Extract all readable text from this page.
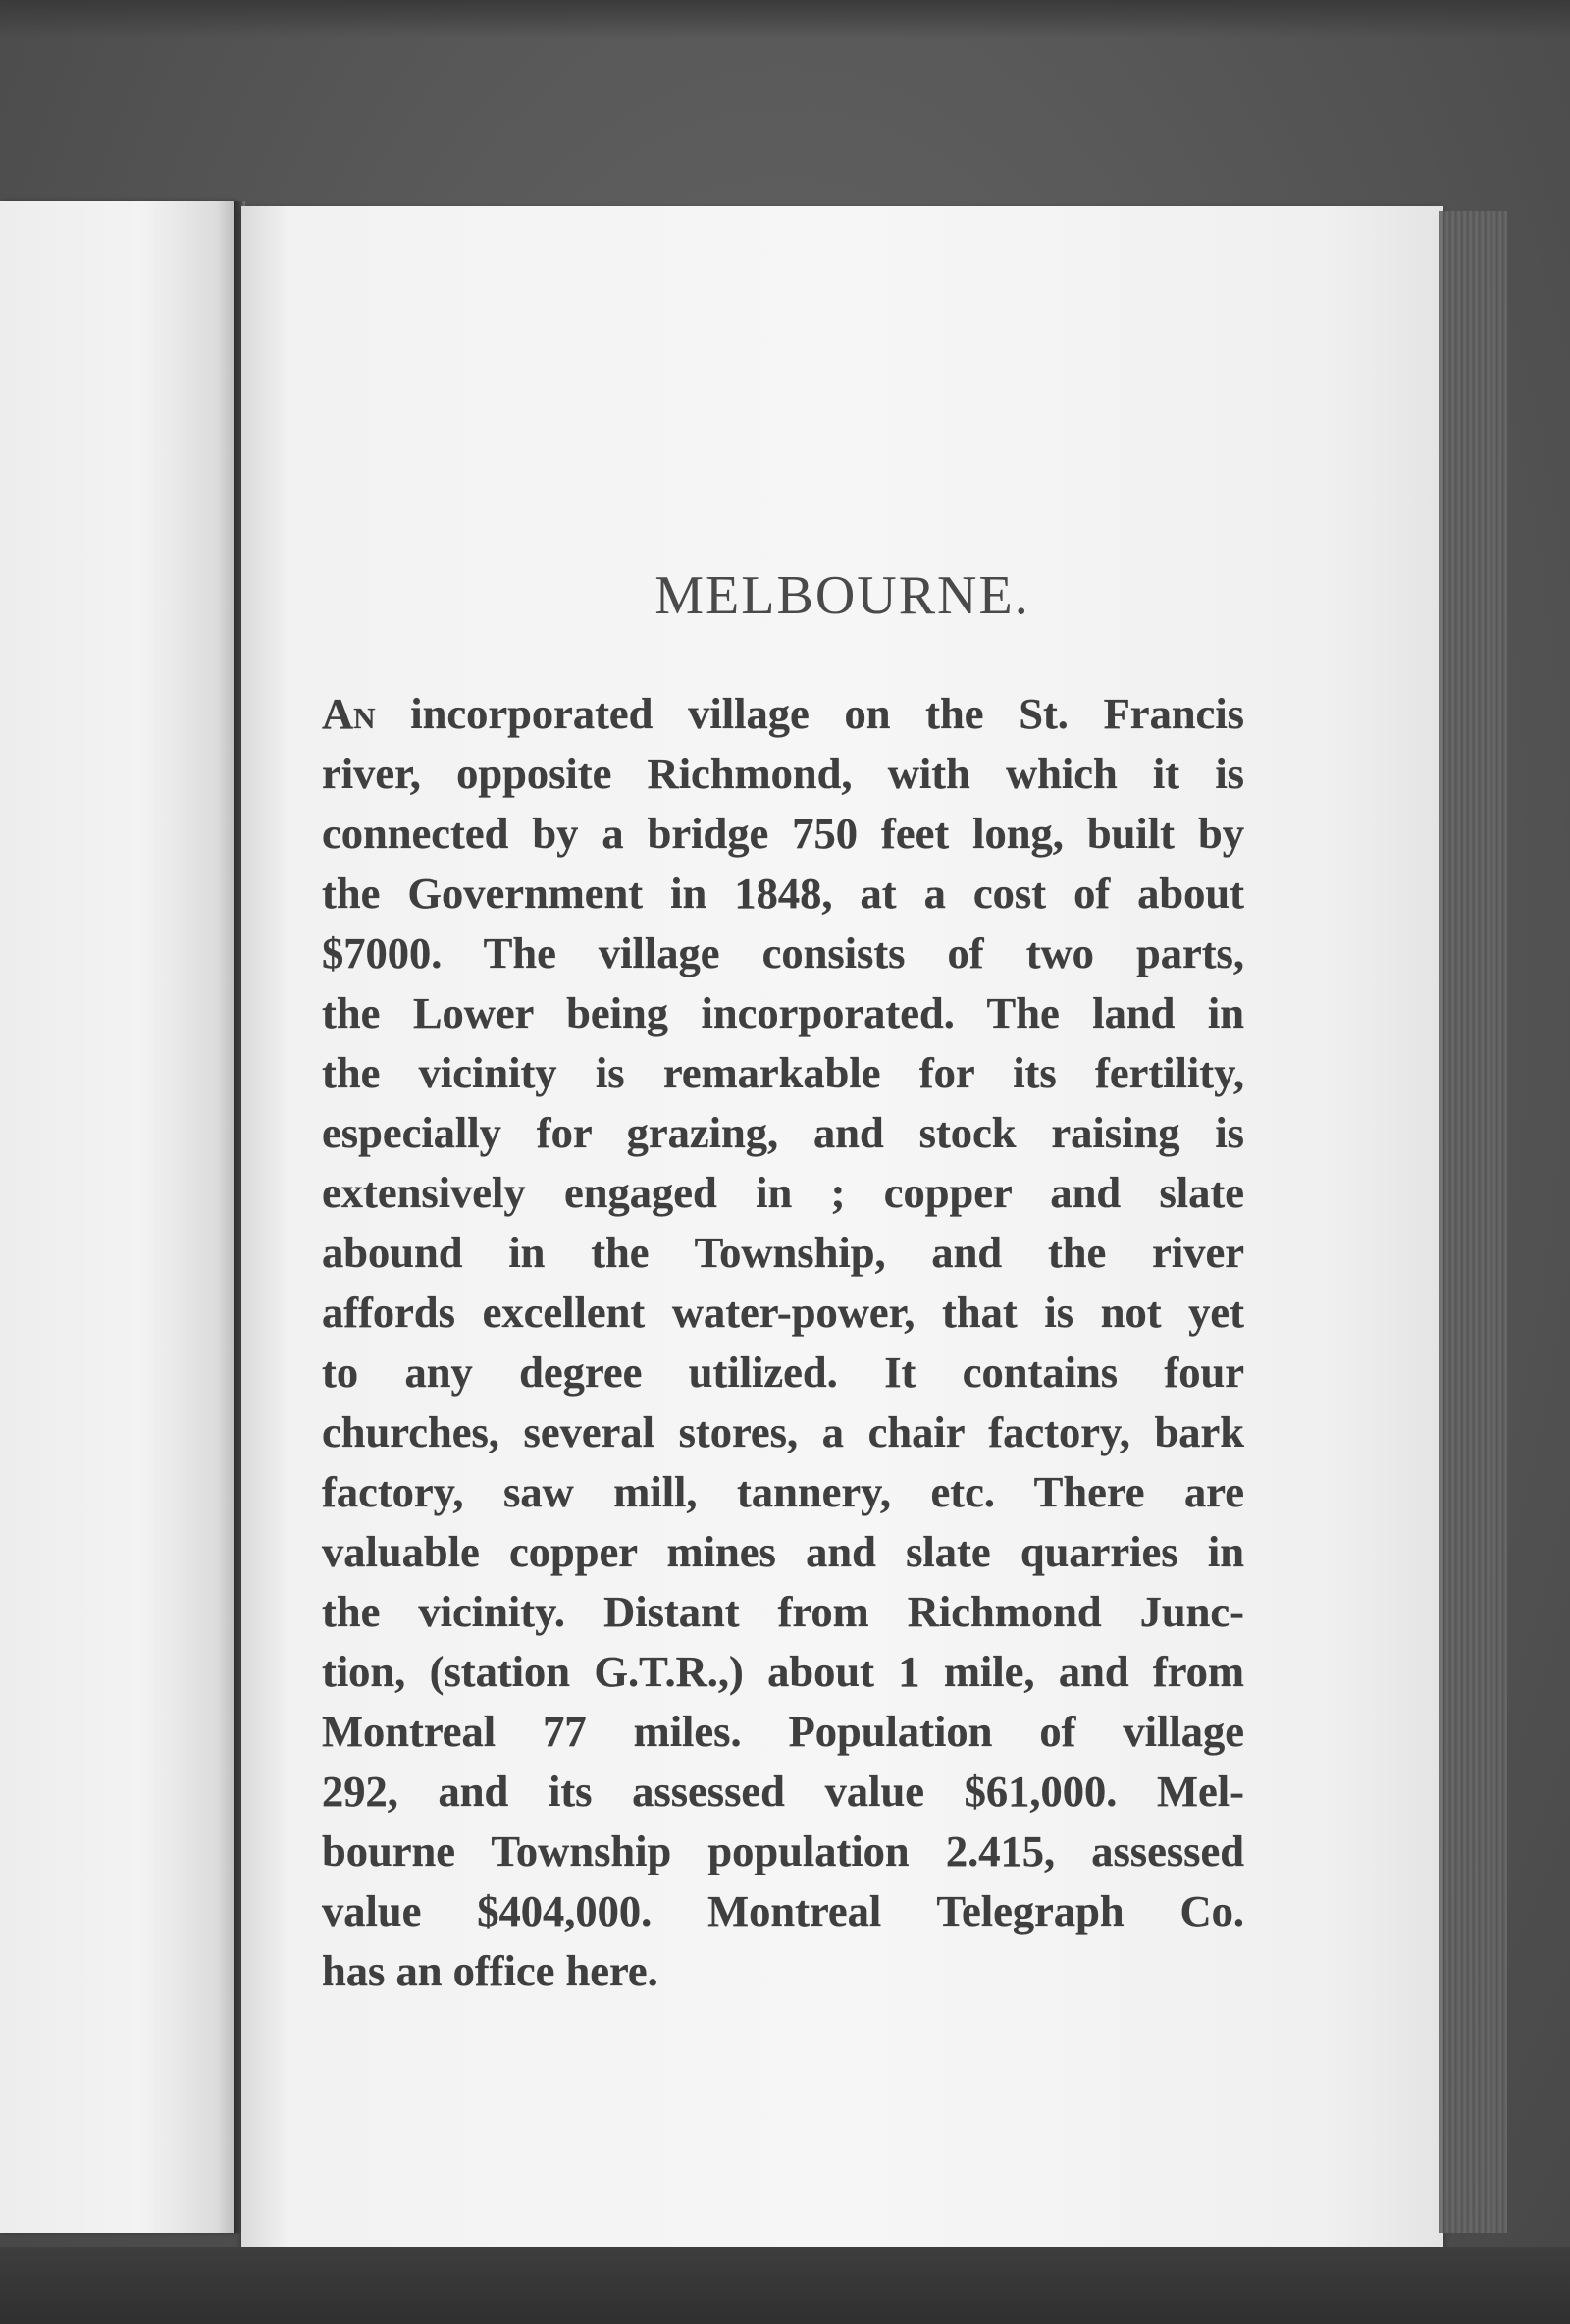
MELBOURNE.
An incorporated village on the St. Francis
river, opposite Richmond, with which it is
connected by a bridge 750 feet long, built by
the Government in 1848, at a cost of about
$7000. The village consists of two parts,
the Lower being incorporated. The land in
the vicinity is remarkable for its fertility,
especially for grazing, and stock raising is
extensively engaged in ; copper and slate
abound in the Township, and the river
affords excellent water-power, that is not yet
to any degree utilized. It contains four
churches, several stores, a chair factory, bark
factory, saw mill, tannery, etc. There are
valuable copper mines and slate quarries in
the vicinity. Distant from Richmond Junc-
tion, (station G.T.R.,) about 1 mile, and from
Montreal 77 miles. Population of village
292, and its assessed value $61,000. Mel-
bourne Township population 2.415, assessed
value $404,000. Montreal Telegraph Co.
has an office here.
